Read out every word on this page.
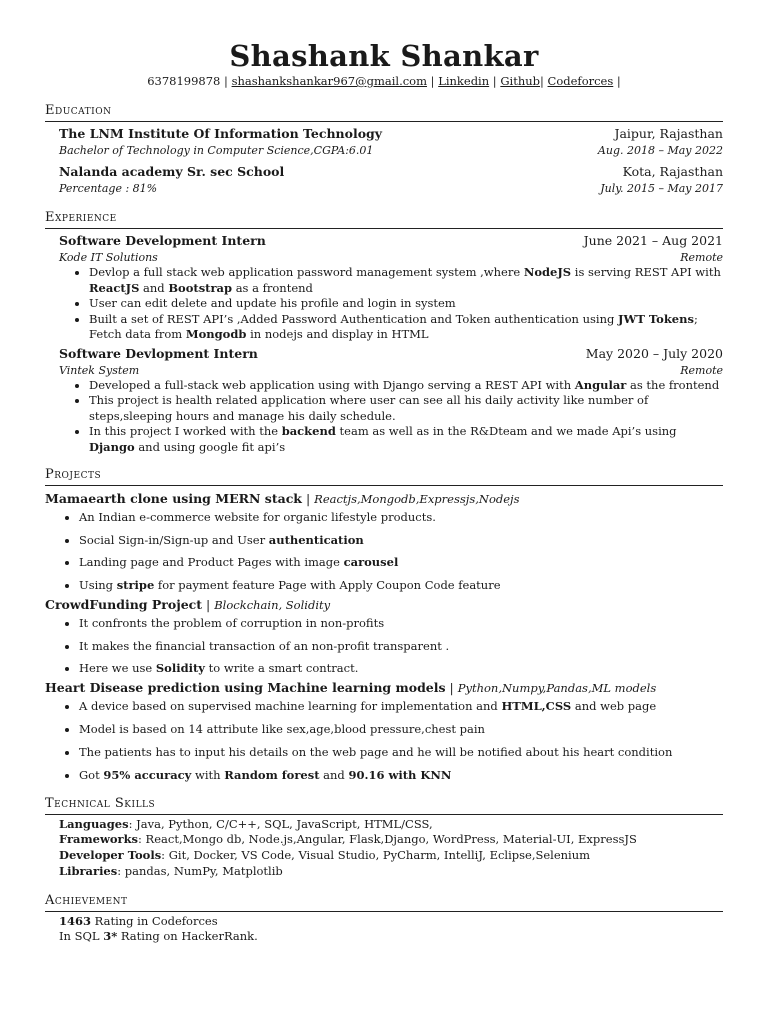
Shashank Shankar
6378199878 | shashankshankar967@gmail.com | Linkedin | Github| Codeforces |
Education
The LNM Institute Of Information Technology	Jaipur, Rajasthan
Bachelor of Technology in Computer Science,CGPA:6.01	Aug. 2018 – May 2022
Nalanda academy Sr. sec School	Kota, Rajasthan
Percentage : 81%	July. 2015 – May 2017
Experience
Software Development Intern	June 2021 – Aug 2021
Kode IT Solutions	Remote
• Devlop a full stack web application password management system ,where NodeJS is serving REST API with ReactJS and Bootstrap as a frontend
• User can edit delete and update his profile and login in system
• Built a set of REST API’s ,Added Password Authentication and Token authentication using JWT Tokens; Fetch data from Mongodb in nodejs and display in HTML
Software Devlopment Intern	May 2020 – July 2020
Vintek System	Remote
• Developed a full-stack web application using with Django serving a REST API with Angular as the frontend
• This project is health related application where user can see all his daily activity like number of steps,sleeping hours and manage his daily schedule.
• In this project I worked with the backend team as well as in the R&Dteam and we made Api’s using Django and using google fit api’s
Projects
Mamaearth clone using MERN stack | Reactjs,Mongodb,Expressjs,Nodejs
• An Indian e-commerce website for organic lifestyle products.
• Social Sign-in/Sign-up and User authentication
• Landing page and Product Pages with image carousel
• Using stripe for payment feature Page with Apply Coupon Code feature
CrowdFunding Project | Blockchain, Solidity
• It confronts the problem of corruption in non-profits
• It makes the financial transaction of an non-profit transparent .
• Here we use Solidity to write a smart contract.
Heart Disease prediction using Machine learning models | Python,Numpy,Pandas,ML models
• A device based on supervised machine learning for implementation and HTML,CSS and web page
• Model is based on 14 attribute like sex,age,blood pressure,chest pain
• The patients has to input his details on the web page and he will be notified about his heart condition
• Got 95% accuracy with Random forest and 90.16 with KNN
Technical Skills
Languages: Java, Python, C/C++, SQL, JavaScript, HTML/CSS,
Frameworks: React,Mongo db, Node.js,Angular, Flask,Django, WordPress, Material-UI, ExpressJS
Developer Tools: Git, Docker, VS Code, Visual Studio, PyCharm, IntelliJ, Eclipse,Selenium
Libraries: pandas, NumPy, Matplotlib
Achievement
1463 Rating in Codeforces
In SQL 3* Rating on HackerRank.
